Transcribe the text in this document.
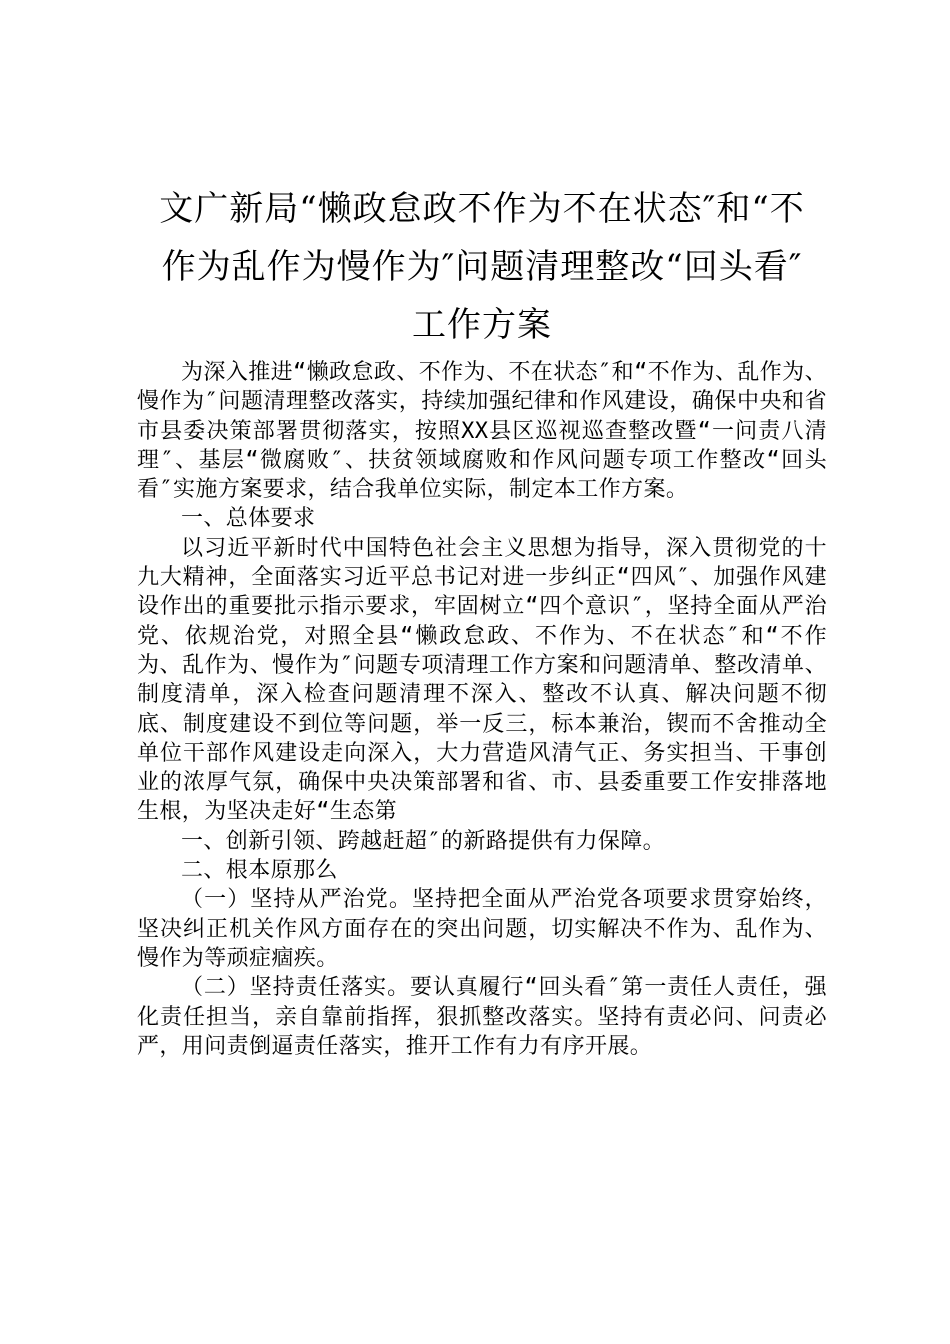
文广新局“懒政怠政不作为不在状态″和“不
作为乱作为慢作为″问题清理整改“回头看″
工作方案

为深入推进“懒政怠政、不作为、不在状态″和“不作为、乱作为、慢作为″问题清理整改落实，持续加强纪律和作风建设，确保中央和省市县委决策部署贯彻落实，按照XX县区巡视巡查整改暨“一问责八清理″、基层“微腐败″、扶贫领域腐败和作风问题专项工作整改“回头看″实施方案要求，结合我单位实际，制定本工作方案。

一、总体要求

以习近平新时代中国特色社会主义思想为指导，深入贯彻党的十九大精神，全面落实习近平总书记对进一步纠正“四风″、加强作风建设作出的重要批示指示要求，牢固树立“四个意识″，坚持全面从严治党、依规治党，对照全县“懒政怠政、不作为、不在状态″和“不作为、乱作为、慢作为″问题专项清理工作方案和问题清单、整改清单、制度清单，深入检查问题清理不深入、整改不认真、解决问题不彻底、制度建设不到位等问题，举一反三，标本兼治，锲而不舍推动全单位干部作风建设走向深入，大力营造风清气正、务实担当、干事创业的浓厚气氛，确保中央决策部署和省、市、县委重要工作安排落地生根，为坚决走好“生态第

一、创新引领、跨越赶超″的新路提供有力保障。

二、根本原那么

（一）坚持从严治党。坚持把全面从严治党各项要求贯穿始终，坚决纠正机关作风方面存在的突出问题，切实解决不作为、乱作为、慢作为等顽症痼疾。

（二）坚持责任落实。要认真履行“回头看″第一责任人责任，强化责任担当，亲自靠前指挥，狠抓整改落实。坚持有责必问、问责必严，用问责倒逼责任落实，推开工作有力有序开展。
